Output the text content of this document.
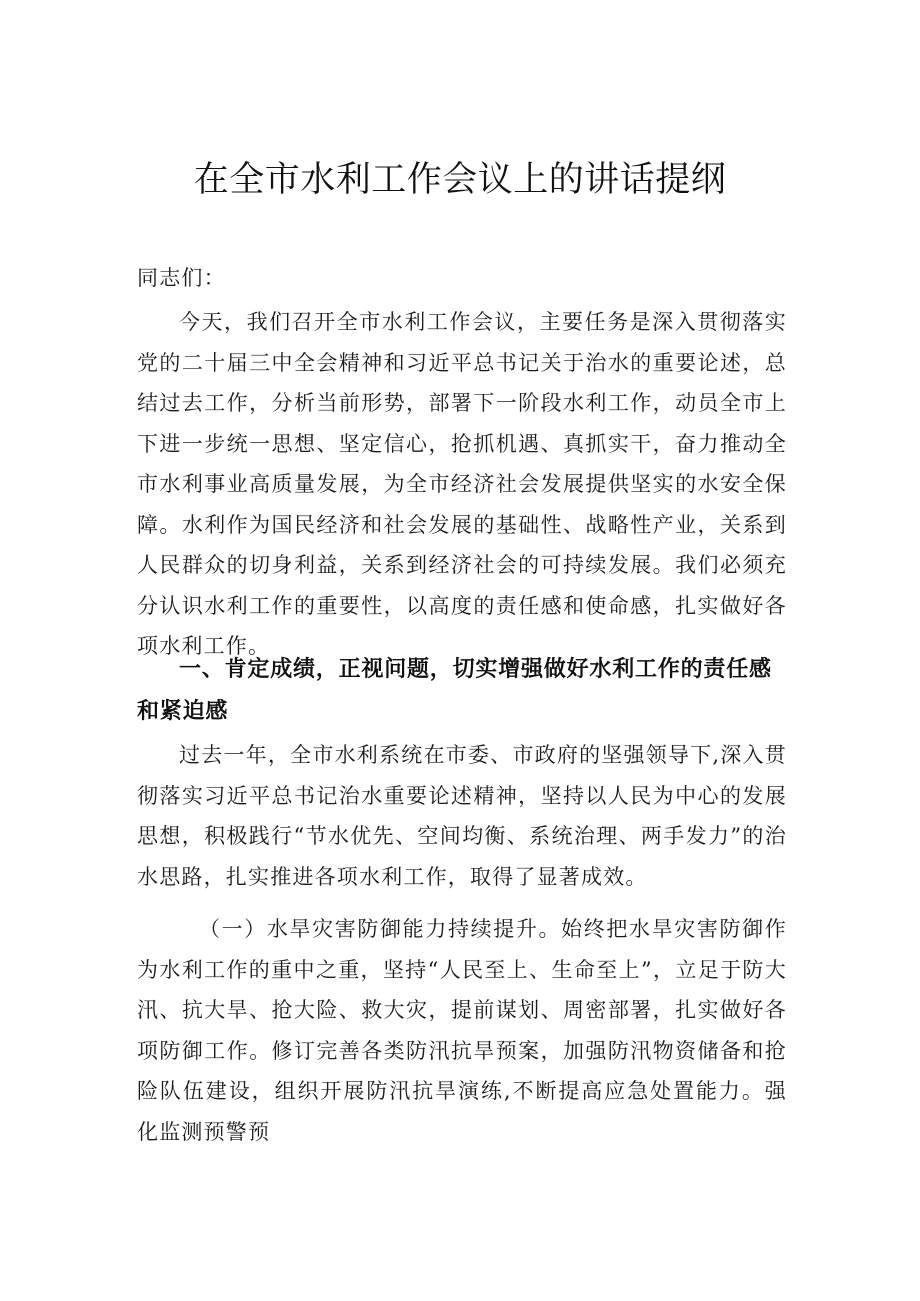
在全市水利工作会议上的讲话提纲

同志们：

今天，我们召开全市水利工作会议，主要任务是深入贯彻落实党的二十届三中全会精神和习近平总书记关于治水的重要论述，总结过去工作，分析当前形势，部署下一阶段水利工作，动员全市上下进一步统一思想、坚定信心，抢抓机遇、真抓实干，奋力推动全市水利事业高质量发展，为全市经济社会发展提供坚实的水安全保障。水利作为国民经济和社会发展的基础性、战略性产业，关系到人民群众的切身利益，关系到经济社会的可持续发展。我们必须充分认识水利工作的重要性，以高度的责任感和使命感，扎实做好各项水利工作。

一、肯定成绩，正视问题，切实增强做好水利工作的责任感和紧迫感

过去一年，全市水利系统在市委、市政府的坚强领导下,深入贯彻落实习近平总书记治水重要论述精神，坚持以人民为中心的发展思想，积极践行“节水优先、空间均衡、系统治理、两手发力”的治水思路，扎实推进各项水利工作，取得了显著成效。

（一）水旱灾害防御能力持续提升。始终把水旱灾害防御作为水利工作的重中之重，坚持“人民至上、生命至上”，立足于防大汛、抗大旱、抢大险、救大灾，提前谋划、周密部署，扎实做好各项防御工作。修订完善各类防汛抗旱预案，加强防汛物资储备和抢险队伍建设，组织开展防汛抗旱演练,不断提高应急处置能力。强化监测预警预
